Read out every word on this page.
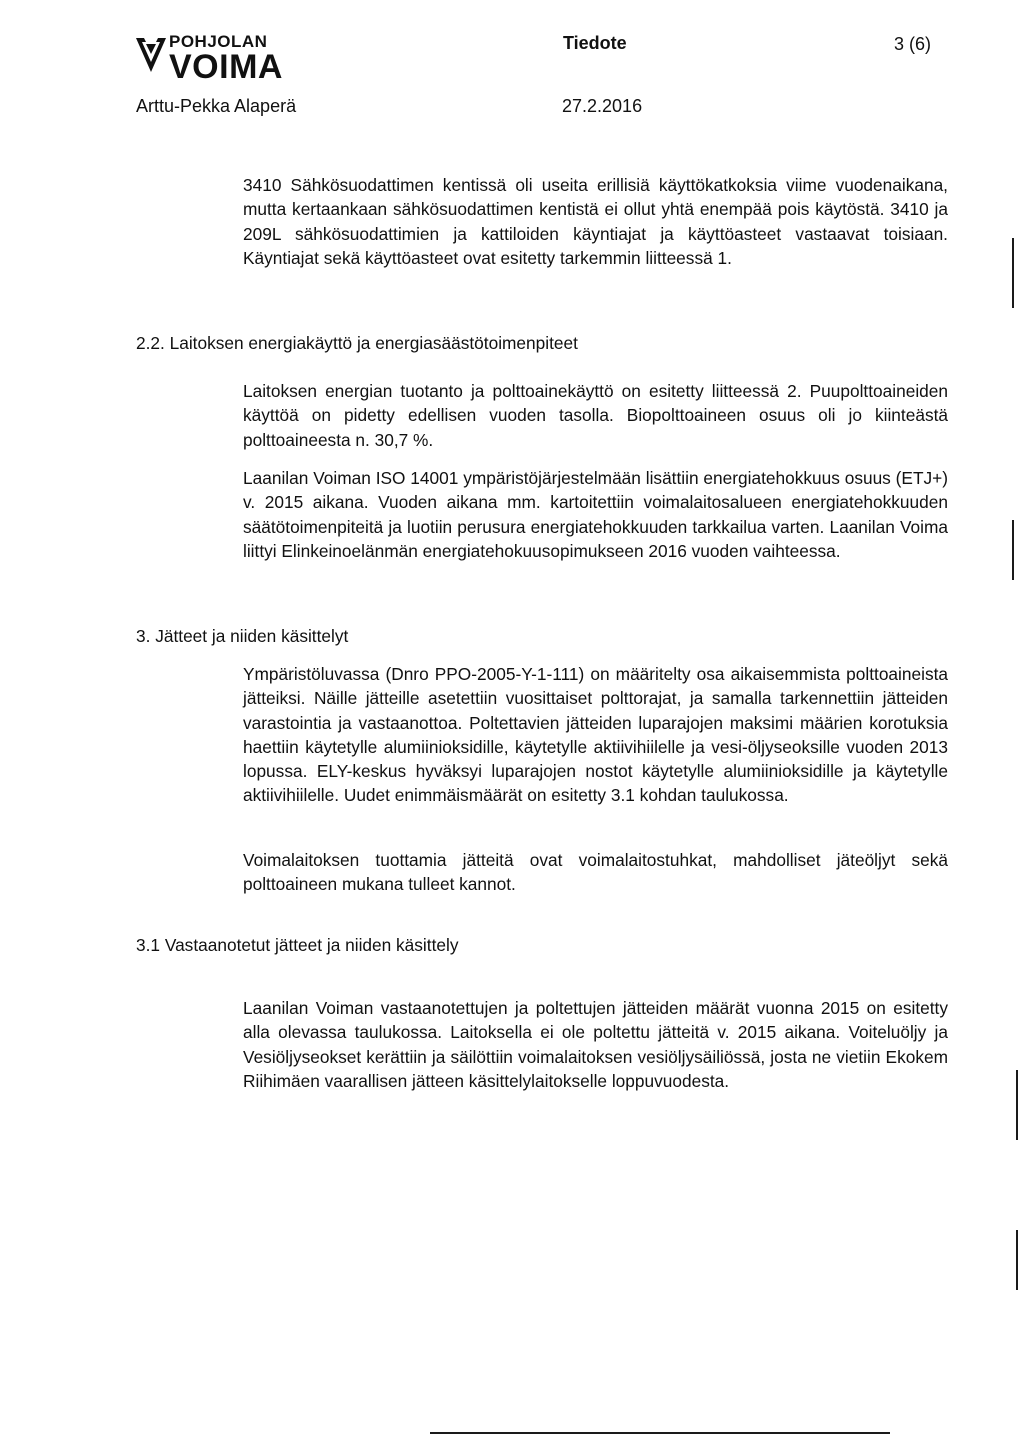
POHJOLAN
VOIMA
Tiedote	3 (6)
Arttu-Pekka Alaperä	27.2.2016

3410 Sähkösuodattimen kentissä oli useita erillisiä käyttökatkoksia viime vuodenaikana, mutta kertaankaan sähkösuodattimen kentistä ei ollut yhtä enempää pois käytöstä. 3410 ja 209L sähkösuodattimien ja kattiloiden käyntiajat ja käyttöasteet vastaavat toisiaan. Käyntiajat sekä käyttöasteet ovat esitetty tarkemmin liitteessä 1.

2.2. Laitoksen energiakäyttö ja energiasäästötoimenpiteet

Laitoksen energian tuotanto ja polttoainekäyttö on esitetty liitteessä 2. Puupolttoaineiden käyttöä on pidetty edellisen vuoden tasolla. Biopolttoaineen osuus oli jo kiinteästä polttoaineesta n. 30,7 %.

Laanilan Voiman ISO 14001 ympäristöjärjestelmään lisättiin energiatehokkuus osuus (ETJ+) v. 2015 aikana. Vuoden aikana mm. kartoitettiin voimalaitosalueen energiatehokkuuden säätötoimenpiteitä ja luotiin perusura energiatehokkuuden tarkkailua varten. Laanilan Voima liittyi Elinkeinoelänmän energiatehokuusopimukseen 2016 vuoden vaihteessa.

3. Jätteet ja niiden käsittelyt

Ympäristöluvassa (Dnro PPO-2005-Y-1-111) on määritelty osa aikaisemmista polttoaineista jätteiksi. Näille jätteille asetettiin vuosittaiset polttorajat, ja samalla tarkennettiin jätteiden varastointia ja vastaanottoa. Poltettavien jätteiden luparajojen maksimi määrien korotuksia haettiin käytetylle alumiinioksidille, käytetylle aktiivihiilelle ja vesi-öljyseoksille vuoden 2013 lopussa. ELY-keskus hyväksyi luparajojen nostot käytetylle alumiinioksidille ja käytetylle aktiivihiilelle. Uudet enimmäismäärät on esitetty 3.1 kohdan taulukossa.

Voimalaitoksen tuottamia jätteitä ovat voimalaitostuhkat, mahdolliset jäteöljyt sekä polttoaineen mukana tulleet kannot.

3.1 Vastaanotetut jätteet ja niiden käsittely

Laanilan Voiman vastaanotettujen ja poltettujen jätteiden määrät vuonna 2015 on esitetty alla olevassa taulukossa. Laitoksella ei ole poltettu jätteitä v. 2015 aikana. Voiteluöljy ja Vesiöljyseokset kerättiin ja säilöttiin voimalaitoksen vesiöljysäiliössä, josta ne vietiin Ekokem Riihimäen vaarallisen jätteen käsittelylaitokselle loppuvuodesta.
